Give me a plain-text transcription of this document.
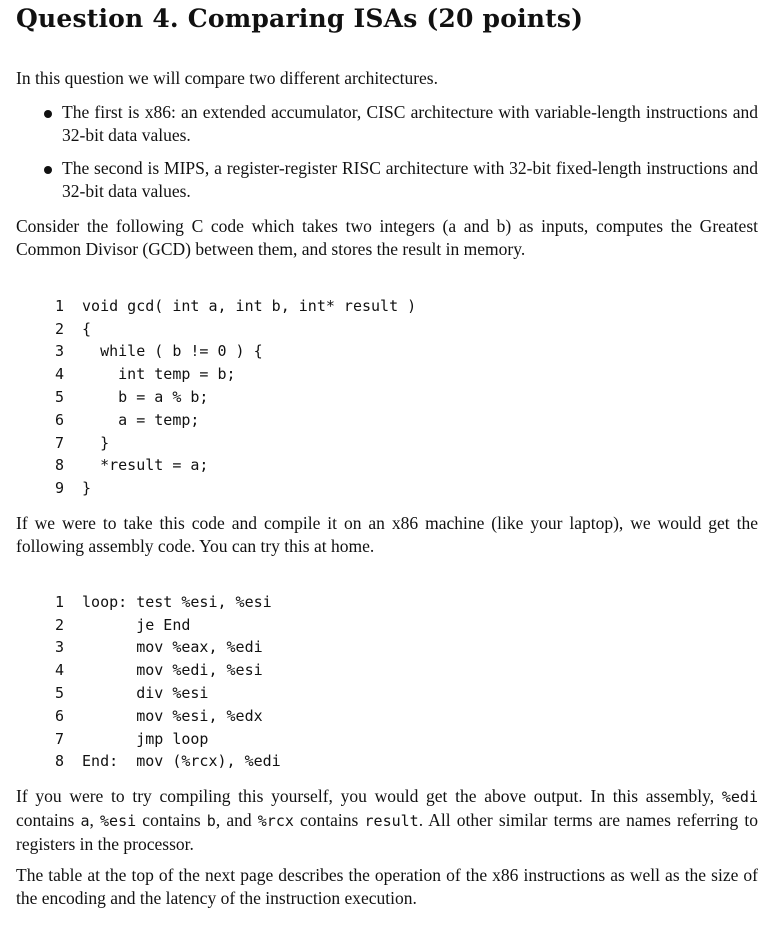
Question 4. Comparing ISAs (20 points)
In this question we will compare two different architectures.
The first is x86: an extended accumulator, CISC architecture with variable-length instructions and 32-bit data values.
The second is MIPS, a register-register RISC architecture with 32-bit fixed-length instructions and 32-bit data values.
Consider the following C code which takes two integers (a and b) as inputs, computes the Greatest Common Divisor (GCD) between them, and stores the result in memory.

1 void gcd( int a, int b, int* result )
2 {
3   while ( b != 0 ) {
4     int temp = b;
5     b = a % b;
6     a = temp;
7   }
8   *result = a;
9 }

If we were to take this code and compile it on an x86 machine (like your laptop), we would get the following assembly code. You can try this at home.

1 loop: test %esi, %esi
2       je End
3       mov %eax, %edi
4       mov %edi, %esi
5       div %esi
6       mov %esi, %edx
7       jmp loop
8 End:  mov (%rcx), %edi

If you were to try compiling this yourself, you would get the above output. In this assembly, %edi contains a, %esi contains b, and %rcx contains result. All other similar terms are names referring to registers in the processor.
The table at the top of the next page describes the operation of the x86 instructions as well as the size of the encoding and the latency of the instruction execution.
